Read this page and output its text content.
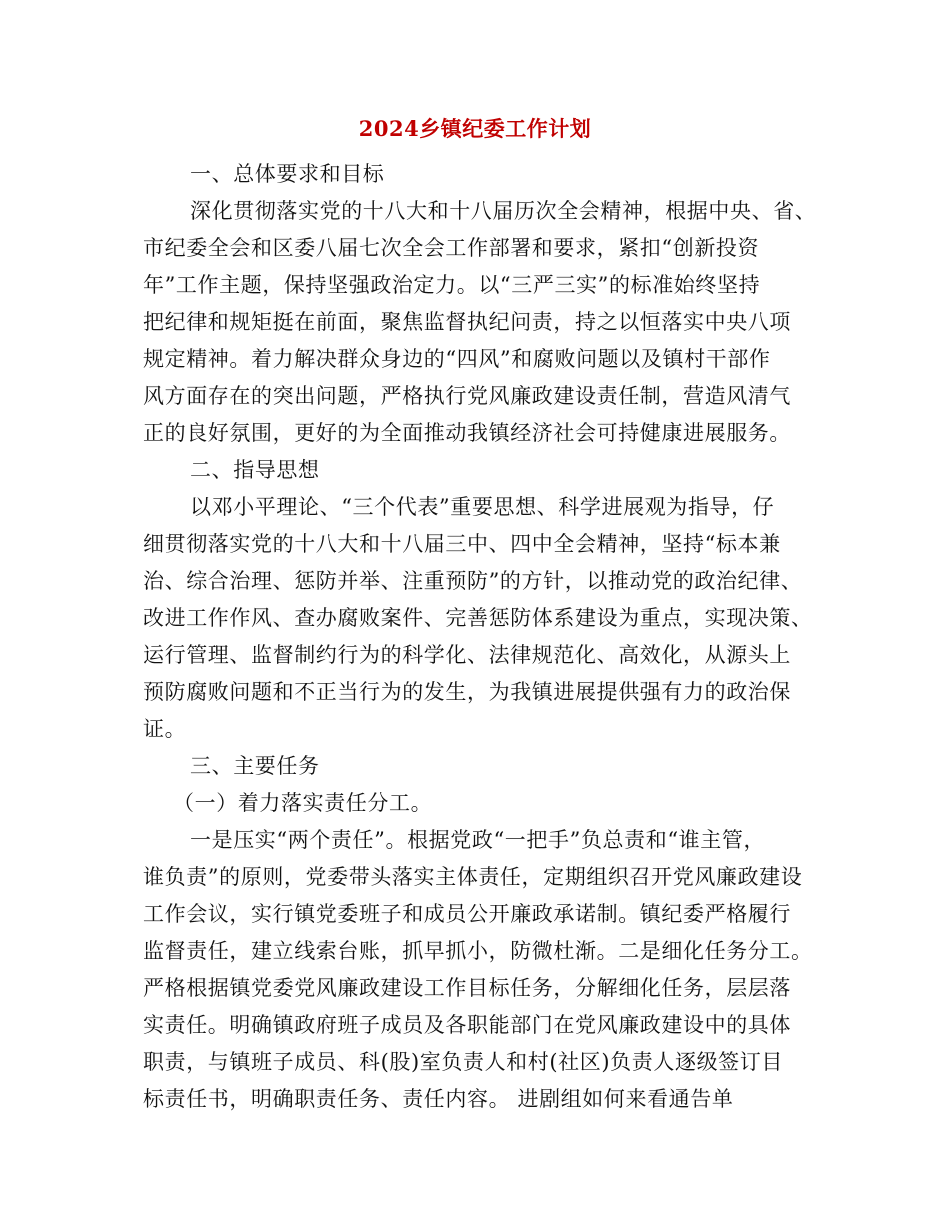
2024乡镇纪委工作计划
一、总体要求和目标
深化贯彻落实党的十八大和十八届历次全会精神，根据中央、省、
市纪委全会和区委八届七次全会工作部署和要求，紧扣“创新投资
年”工作主题，保持坚强政治定力。以“三严三实”的标准始终坚持
把纪律和规矩挺在前面，聚焦监督执纪问责，持之以恒落实中央八项
规定精神。着力解决群众身边的“四风”和腐败问题以及镇村干部作
风方面存在的突出问题，严格执行党风廉政建设责任制，营造风清气
正的良好氛围，更好的为全面推动我镇经济社会可持健康进展服务。
二、指导思想
以邓小平理论、“三个代表”重要思想、科学进展观为指导，仔
细贯彻落实党的十八大和十八届三中、四中全会精神，坚持“标本兼
治、综合治理、惩防并举、注重预防”的方针，以推动党的政治纪律、
改进工作作风、查办腐败案件、完善惩防体系建设为重点，实现决策、
运行管理、监督制约行为的科学化、法律规范化、高效化，从源头上
预防腐败问题和不正当行为的发生，为我镇进展提供强有力的政治保
证。
三、主要任务
（一）着力落实责任分工。
一是压实“两个责任”。根据党政“一把手”负总责和“谁主管，
谁负责”的原则，党委带头落实主体责任，定期组织召开党风廉政建设
工作会议，实行镇党委班子和成员公开廉政承诺制。镇纪委严格履行
监督责任，建立线索台账，抓早抓小，防微杜渐。二是细化任务分工。
严格根据镇党委党风廉政建设工作目标任务，分解细化任务，层层落
实责任。明确镇政府班子成员及各职能部门在党风廉政建设中的具体
职责，与镇班子成员、科(股)室负责人和村(社区)负责人逐级签订目
标责任书，明确职责任务、责任内容。 进剧组如何来看通告单
